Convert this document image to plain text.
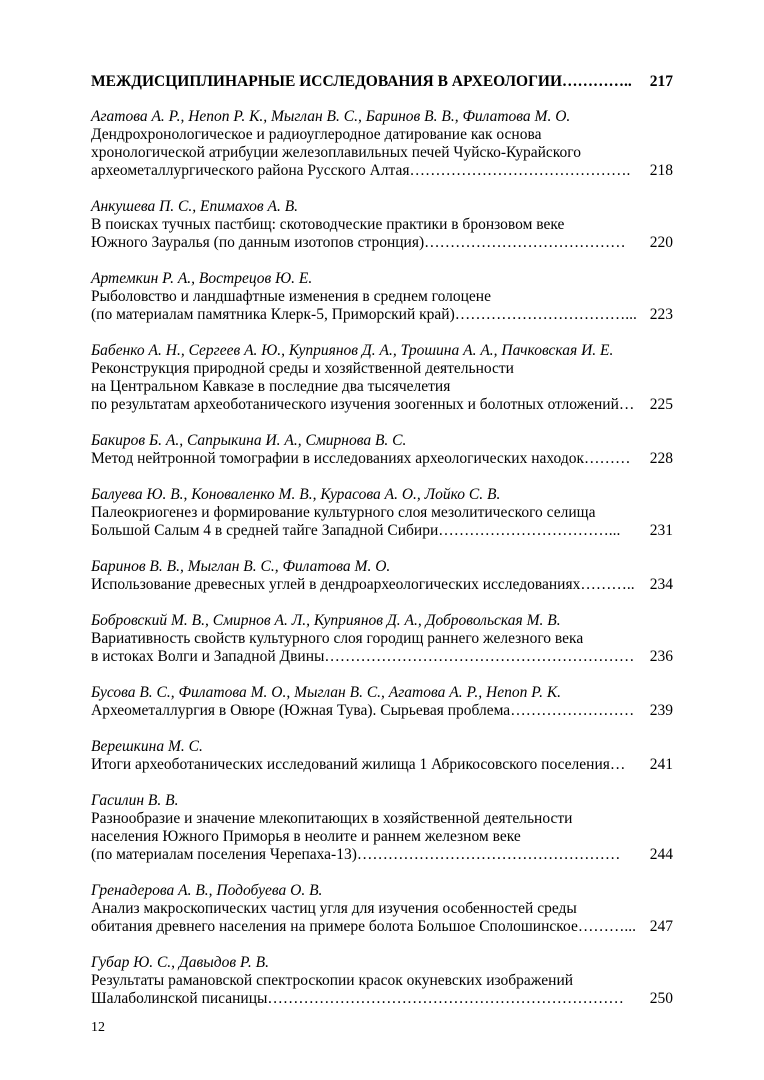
МЕЖДИСЦИПЛИНАРНЫЕ ИССЛЕДОВАНИЯ В АРХЕОЛОГИИ………….. 217
Агатова А. Р., Непоп Р. К., Мыглан В. С., Баринов В. В., Филатова М. О.
Дендрохронологическое и радиоуглеродное датирование как основа
хронологической атрибуции железоплавильных печей Чуйско-Курайского
археометаллургического района Русского Алтая…………………………………….	218
Анкушева П. С., Епимахов А. В.
В поисках тучных пастбищ: скотоводческие практики в бронзовом веке
Южного Зауралья (по данным изотопов стронция)…………………………………	220
Артемкин Р. А., Вострецов Ю. Е.
Рыболовство и ландшафтные изменения в среднем голоцене
(по материалам памятника Клерк-5, Приморский край)……………………………... 223
Бабенко А. Н., Сергеев А. Ю., Куприянов Д. А., Трошина А. А., Пачковская И. Е.
Реконструкция природной среды и хозяйственной деятельности
на Центральном Кавказе в последние два тысячелетия
по результатам археоботанического изучения зоогенных и болотных отложений… 225
Бакиров Б. А., Сапрыкина И. А., Смирнова В. С.
Метод нейтронной томографии в исследованиях археологических находок………	228
Балуева Ю. В., Коноваленко М. В., Курасова А. О., Лойко С. В.
Палеокриогенез и формирование культурного слоя мезолитического селища
Большой Салым 4 в средней тайге Западной Сибири……………………………...	231
Баринов В. В., Мыглан В. С., Филатова М. О.
Использование древесных углей в дендроархеологических исследованиях……….. 234
Бобровский М. В., Смирнов А. Л., Куприянов Д. А., Добровольская М. В.
Вариативность свойств культурного слоя городищ раннего железного века
в истоках Волги и Западной Двины…………………………………………………… 236
Бусова В. С., Филатова М. О., Мыглан В. С., Агатова А. Р., Непоп Р. К.
Археометаллургия в Овюре (Южная Тува). Сырьевая проблема……………………	239
Верешкина М. С.
Итоги археоботанических исследований жилища 1 Абрикосовского поселения…	241
Гасилин В. В.
Разнообразие и значение млекопитающих в хозяйственной деятельности
населения Южного Приморья в неолите и раннем железном веке
(по материалам поселения Черепаха-13)……………………………………………	244
Гренадерова А. В., Подобуева О. В.
Анализ макроскопических частиц угля для изучения особенностей среды
обитания древнего населения на примере болота Большое Сполошинское………... 247
Губар Ю. С., Давыдов Р. В.
Результаты рамановской спектроскопии красок окуневских изображений
Шалаболинской писаницы……………………………………………………………	250
12
